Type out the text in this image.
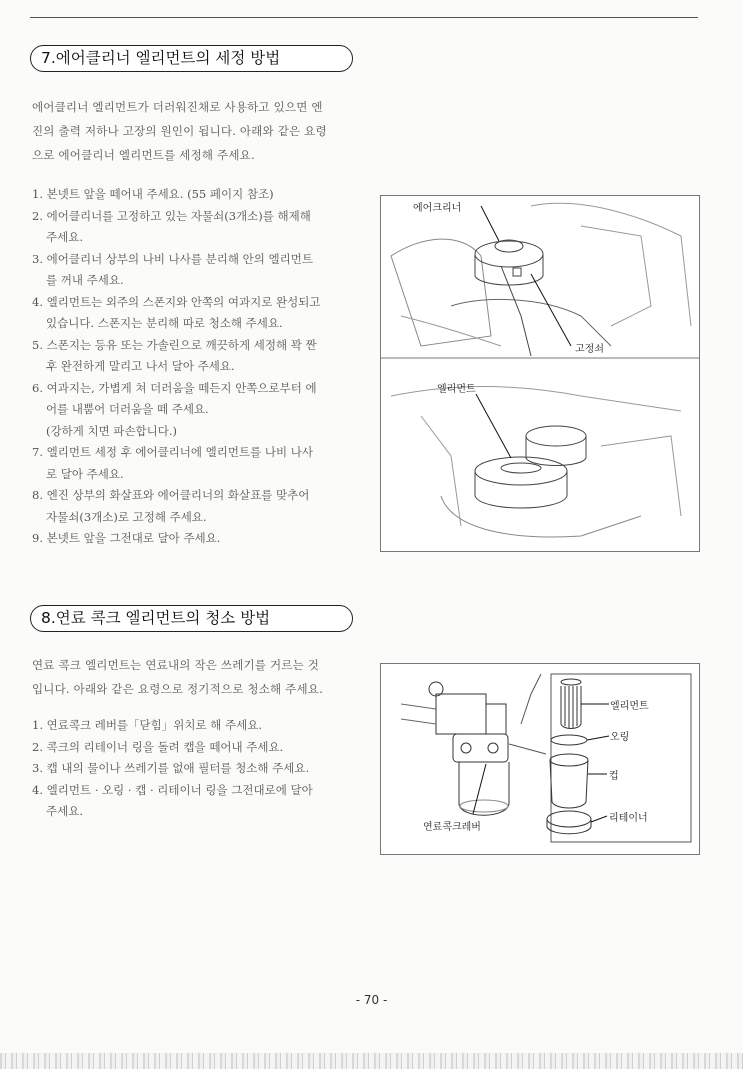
7.에어클리너 엘리먼트의 세정 방법
에어클리너 엘리먼트가 더러워진채로 사용하고 있으면 엔
진의 출력 저하나 고장의 원인이 됩니다. 아래와 같은 요령
으로 에어클리너 엘리먼트를 세정해 주세요.
1. 본넷트 앞을 떼어내 주세요. (55 페이지 참조)
2. 에어클리너를 고정하고 있는 자물쇠(3개소)를 해제해
주세요.
3. 에어클리너 상부의 나비 나사를 분리해 안의 엘리먼트
를 꺼내 주세요.
4. 엘리먼트는 외주의 스폰지와 안쪽의 여과지로 완성되고
있습니다. 스폰지는 분리해 따로 청소해 주세요.
5. 스폰지는 등유 또는 가솔린으로 깨끗하게 세정해 꽉 짠
후 완전하게 말리고 나서 달아 주세요.
6. 여과지는, 가볍게 쳐 더러움을 떼든지 안쪽으로부터 에
어를 내뿜어 더러움을 떼 주세요.
(강하게 치면 파손합니다.)
7. 엘리먼트 세정 후 에어클리너에 엘리먼트를 나비 나사
로 달아 주세요.
8. 엔진 상부의 화살표와 에어클리너의 화살표를 맞추어
자물쇠(3개소)로 고정해 주세요.
9. 본넷트 앞을 그전대로 달아 주세요.
에어크리너
고정쇠
엘리먼트
8.연료 콕크 엘리먼트의 청소 방법
연료 콕크 엘리먼트는 연료내의 작은 쓰레기를 거르는 것
입니다. 아래와 같은 요령으로 정기적으로 청소해 주세요.
1. 연료콕크 레버를「닫힘」위치로 해 주세요.
2. 콕크의 리테이너 링을 돌려 캡을 떼어내 주세요.
3. 캡 내의 물이나 쓰레기를 없애 필터를 청소해 주세요.
4. 엘리먼트 · 오링 · 캡 · 리테이너 링을 그전대로에 달아
주세요.
엘리먼트
오링
컵
리테이너
연료콕크레버
- 70 -
